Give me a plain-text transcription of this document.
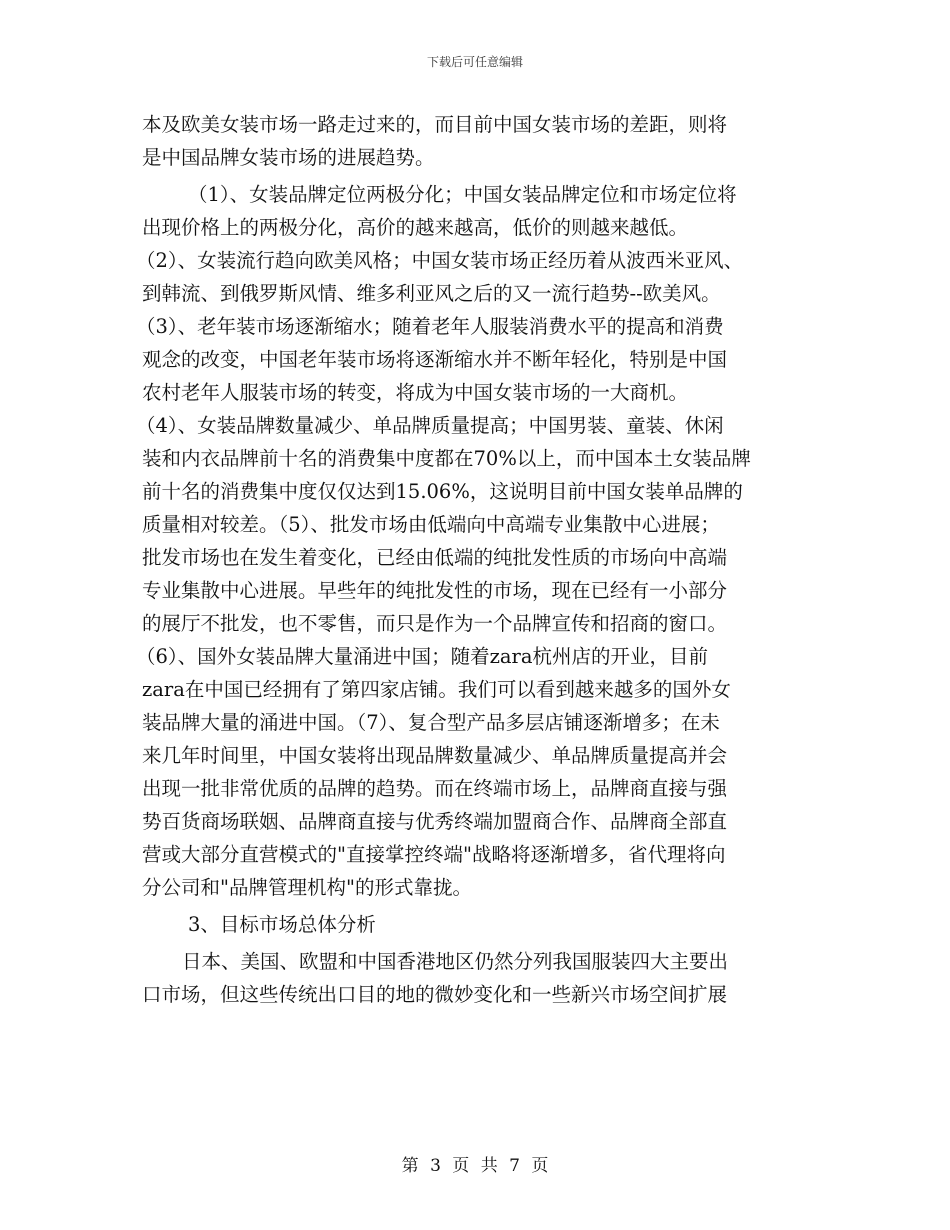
下载后可任意编辑
本及欧美女装市场一路走过来的，而目前中国女装市场的差距，则将
是中国品牌女装市场的进展趋势。
（1）、女装品牌定位两极分化；中国女装品牌定位和市场定位将
出现价格上的两极分化，高价的越来越高，低价的则越来越低。
（2）、女装流行趋向欧美风格；中国女装市场正经历着从波西米亚风、
到韩流、到俄罗斯风情、维多利亚风之后的又一流行趋势--欧美风。
（3）、老年装市场逐渐缩水；随着老年人服装消费水平的提高和消费
观念的改变，中国老年装市场将逐渐缩水并不断年轻化，特别是中国
农村老年人服装市场的转变，将成为中国女装市场的一大商机。
（4）、女装品牌数量减少、单品牌质量提高；中国男装、童装、休闲
装和内衣品牌前十名的消费集中度都在70%以上，而中国本土女装品牌
前十名的消费集中度仅仅达到15.06%，这说明目前中国女装单品牌的
质量相对较差。（5）、批发市场由低端向中高端专业集散中心进展；
批发市场也在发生着变化，已经由低端的纯批发性质的市场向中高端
专业集散中心进展。早些年的纯批发性的市场，现在已经有一小部分
的展厅不批发，也不零售，而只是作为一个品牌宣传和招商的窗口。
（6）、国外女装品牌大量涌进中国；随着zara杭州店的开业，目前
zara在中国已经拥有了第四家店铺。我们可以看到越来越多的国外女
装品牌大量的涌进中国。（7）、复合型产品多层店铺逐渐增多；在未
来几年时间里，中国女装将出现品牌数量减少、单品牌质量提高并会
出现一批非常优质的品牌的趋势。而在终端市场上，品牌商直接与强
势百货商场联姻、品牌商直接与优秀终端加盟商合作、品牌商全部直
营或大部分直营模式的"直接掌控终端"战略将逐渐增多，省代理将向
分公司和"品牌管理机构"的形式靠拢。
3、目标市场总体分析
日本、美国、欧盟和中国香港地区仍然分列我国服装四大主要出
口市场，但这些传统出口目的地的微妙变化和一些新兴市场空间扩展
第 3 页 共 7 页
